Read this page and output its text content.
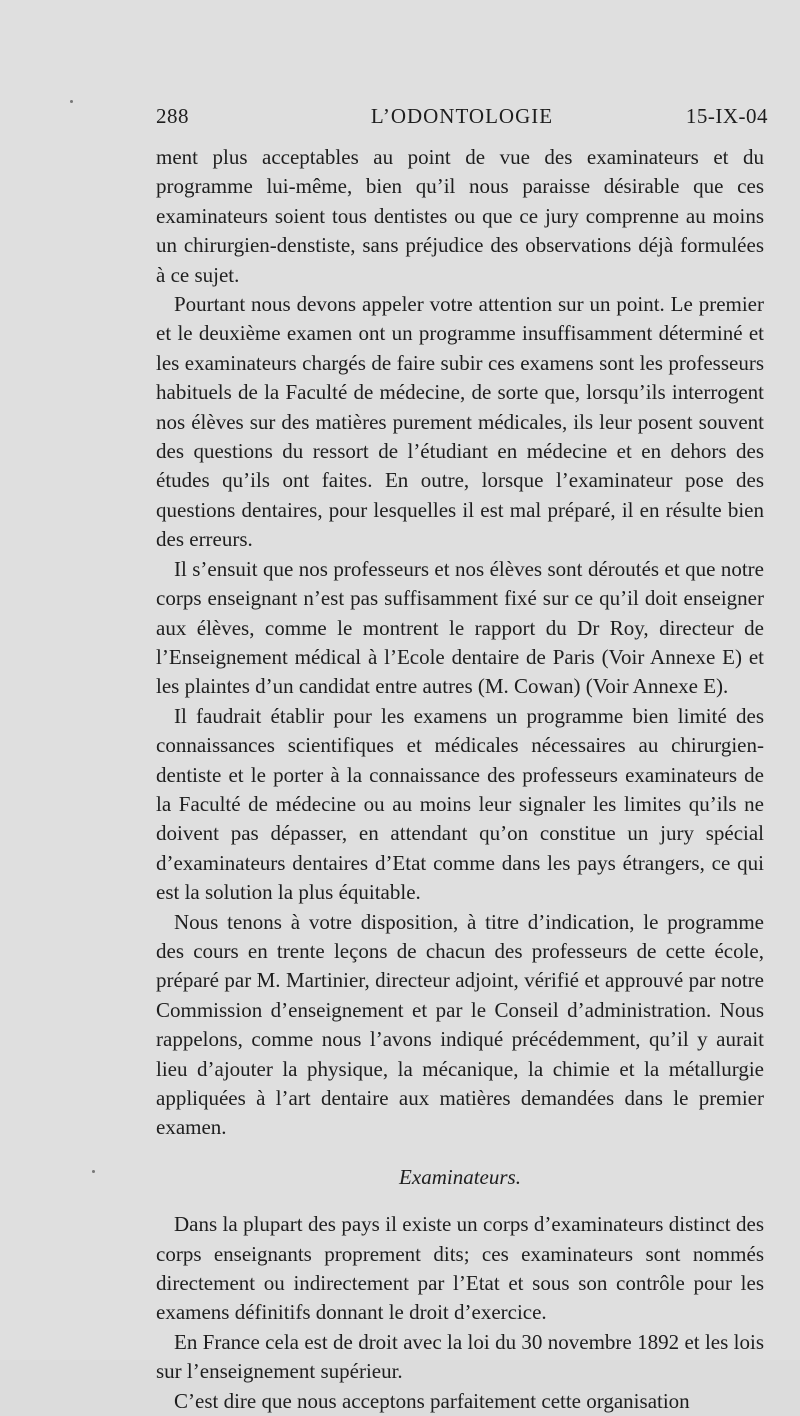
288	L’ODONTOLOGIE	15-IX-04

ment plus acceptables au point de vue des examinateurs et du programme lui-même, bien qu’il nous paraisse désirable que ces examinateurs soient tous dentistes ou que ce jury comprenne au moins un chirurgien-denstiste, sans préjudice des observations déjà formulées à ce sujet.

Pourtant nous devons appeler votre attention sur un point. Le premier et le deuxième examen ont un programme insuffisamment déterminé et les examinateurs chargés de faire subir ces examens sont les professeurs habituels de la Faculté de médecine, de sorte que, lorsqu’ils interrogent nos élèves sur des matières purement médicales, ils leur posent souvent des questions du ressort de l’étudiant en médecine et en dehors des études qu’ils ont faites. En outre, lorsque l’examinateur pose des questions dentaires, pour lesquelles il est mal préparé, il en résulte bien des erreurs.

Il s’ensuit que nos professeurs et nos élèves sont déroutés et que notre corps enseignant n’est pas suffisamment fixé sur ce qu’il doit enseigner aux élèves, comme le montrent le rapport du Dr Roy, directeur de l’Enseignement médical à l’Ecole dentaire de Paris (Voir Annexe E) et les plaintes d’un candidat entre autres (M. Cowan) (Voir Annexe E).

Il faudrait établir pour les examens un programme bien limité des connaissances scientifiques et médicales nécessaires au chirurgien-dentiste et le porter à la connaissance des professeurs examinateurs de la Faculté de médecine ou au moins leur signaler les limites qu’ils ne doivent pas dépasser, en attendant qu’on constitue un jury spécial d’examinateurs dentaires d’Etat comme dans les pays étrangers, ce qui est la solution la plus équitable.

Nous tenons à votre disposition, à titre d’indication, le programme des cours en trente leçons de chacun des professeurs de cette école, préparé par M. Martinier, directeur adjoint, vérifié et approuvé par notre Commission d’enseignement et par le Conseil d’administration. Nous rappelons, comme nous l’avons indiqué précédemment, qu’il y aurait lieu d’ajouter la physique, la mécanique, la chimie et la métallurgie appliquées à l’art dentaire aux matières demandées dans le premier examen.

Examinateurs.

Dans la plupart des pays il existe un corps d’examinateurs distinct des corps enseignants proprement dits; ces examinateurs sont nommés directement ou indirectement par l’Etat et sous son contrôle pour les examens définitifs donnant le droit d’exercice.

En France cela est de droit avec la loi du 30 novembre 1892 et les lois sur l’enseignement supérieur.

C’est dire que nous acceptons parfaitement cette organisation
